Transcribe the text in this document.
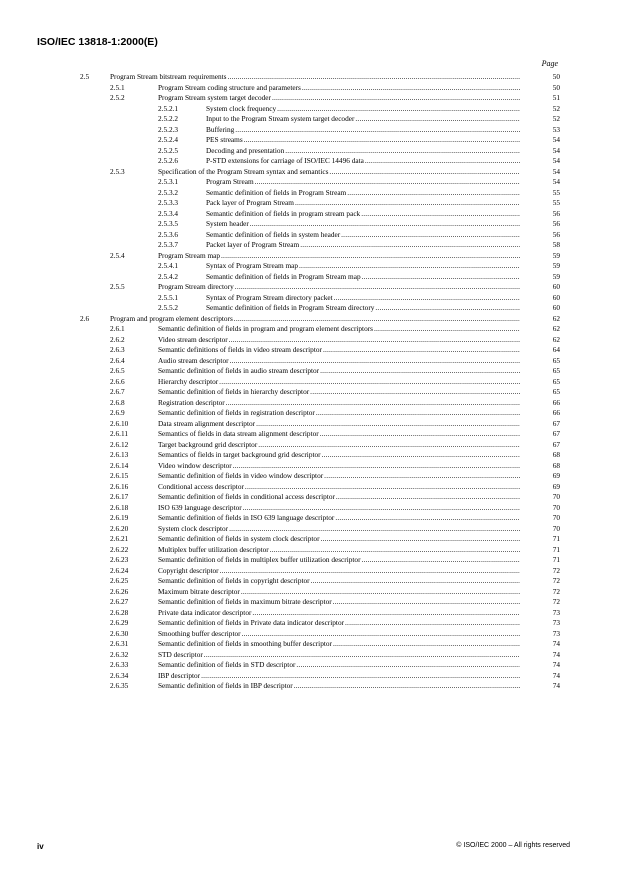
ISO/IEC 13818-1:2000(E)
Page
2.5	Program Stream bitstream requirements .....	50
2.5.1	Program Stream coding structure and parameters .....	50
2.5.2	Program Stream system target decoder .....	51
2.5.2.1	System clock frequency .....	52
2.5.2.2	Input to the Program Stream system target decoder .....	52
2.5.2.3	Buffering .....	53
2.5.2.4	PES streams .....	54
2.5.2.5	Decoding and presentation .....	54
2.5.2.6	P-STD extensions for carriage of ISO/IEC 14496 data .....	54
2.5.3	Specification of the Program Stream syntax and semantics .....	54
2.5.3.1	Program Stream .....	54
2.5.3.2	Semantic definition of fields in Program Stream .....	55
2.5.3.3	Pack layer of Program Stream .....	55
2.5.3.4	Semantic definition of fields in program stream pack .....	56
2.5.3.5	System header .....	56
2.5.3.6	Semantic definition of fields in system header .....	56
2.5.3.7	Packet layer of Program Stream .....	58
2.5.4	Program Stream map .....	59
2.5.4.1	Syntax of Program Stream map .....	59
2.5.4.2	Semantic definition of fields in Program Stream map .....	59
2.5.5	Program Stream directory .....	60
2.5.5.1	Syntax of Program Stream directory packet .....	60
2.5.5.2	Semantic definition of fields in Program Stream directory .....	60
2.6	Program and program element descriptors .....	62
2.6.1	Semantic definition of fields in program and program element descriptors .....	62
2.6.2	Video stream descriptor .....	62
2.6.3	Semantic definitions of fields in video stream descriptor .....	64
2.6.4	Audio stream descriptor .....	65
2.6.5	Semantic definition of fields in audio stream descriptor .....	65
2.6.6	Hierarchy descriptor .....	65
2.6.7	Semantic definition of fields in hierarchy descriptor .....	65
2.6.8	Registration descriptor .....	66
2.6.9	Semantic definition of fields in registration descriptor .....	66
2.6.10	Data stream alignment descriptor .....	67
2.6.11	Semantics of fields in data stream alignment descriptor .....	67
2.6.12	Target background grid descriptor .....	67
2.6.13	Semantics of fields in target background grid descriptor .....	68
2.6.14	Video window descriptor .....	68
2.6.15	Semantic definition of fields in video window descriptor .....	69
2.6.16	Conditional access descriptor .....	69
2.6.17	Semantic definition of fields in conditional access descriptor .....	70
2.6.18	ISO 639 language descriptor .....	70
2.6.19	Semantic definition of fields in ISO 639 language descriptor .....	70
2.6.20	System clock descriptor .....	70
2.6.21	Semantic definition of fields in system clock descriptor .....	71
2.6.22	Multiplex buffer utilization descriptor .....	71
2.6.23	Semantic definition of fields in multiplex buffer utilization descriptor .....	71
2.6.24	Copyright descriptor .....	72
2.6.25	Semantic definition of fields in copyright descriptor .....	72
2.6.26	Maximum bitrate descriptor .....	72
2.6.27	Semantic definition of fields in maximum bitrate descriptor .....	72
2.6.28	Private data indicator descriptor .....	73
2.6.29	Semantic definition of fields in Private data indicator descriptor .....	73
2.6.30	Smoothing buffer descriptor .....	73
2.6.31	Semantic definition of fields in smoothing buffer descriptor .....	74
2.6.32	STD descriptor .....	74
2.6.33	Semantic definition of fields in STD descriptor .....	74
2.6.34	IBP descriptor .....	74
2.6.35	Semantic definition of fields in IBP descriptor .....	74
iv	© ISO/IEC 2000 – All rights reserved
